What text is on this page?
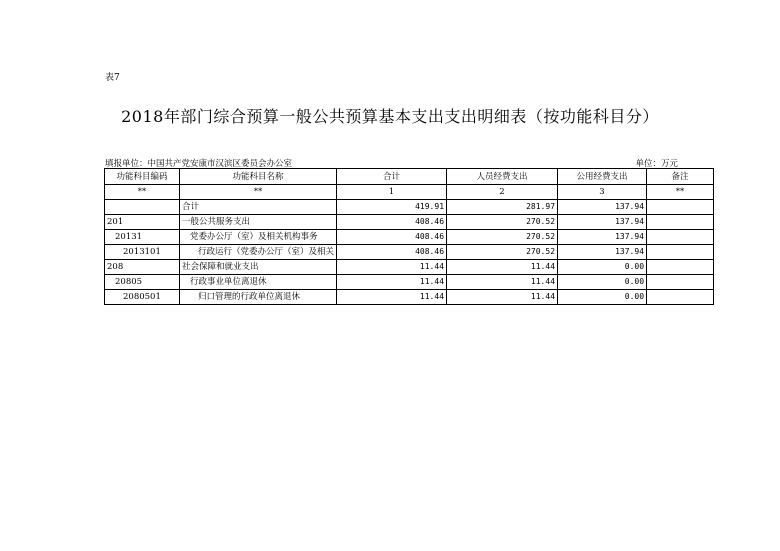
表7
2018年部门综合预算一般公共预算基本支出支出明细表（按功能科目分）
填报单位：中国共产党安康市汉滨区委员会办公室	单位：万元
功能科目编码	功能科目名称	合计	人员经费支出	公用经费支出	备注
**	**	1	2	3	**
	合计	419.91	281.97	137.94	
201	一般公共服务支出	408.46	270.52	137.94	
20131	党委办公厅（室）及相关机构事务	408.46	270.52	137.94	
2013101	行政运行（党委办公厅（室）及相关	408.46	270.52	137.94	
208	社会保障和就业支出	11.44	11.44	0.00	
20805	行政事业单位离退休	11.44	11.44	0.00	
2080501	归口管理的行政单位离退休	11.44	11.44	0.00	
